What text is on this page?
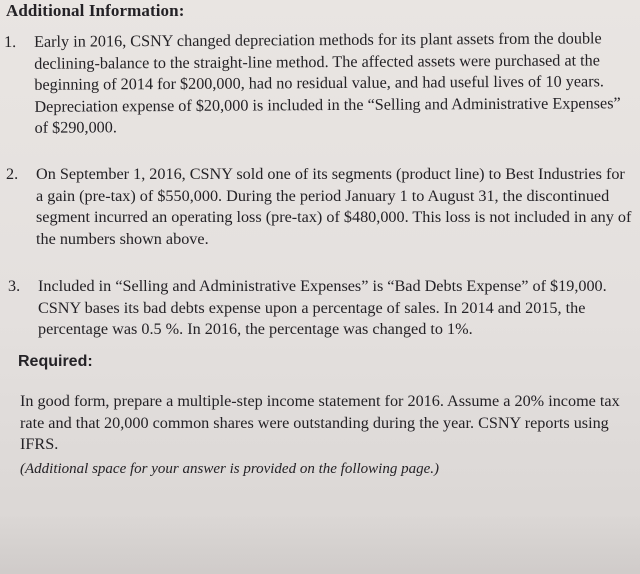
Additional Information:
1. Early in 2016, CSNY changed depreciation methods for its plant assets from the double declining-balance to the straight-line method. The affected assets were purchased at the beginning of 2014 for $200,000, had no residual value, and had useful lives of 10 years. Depreciation expense of $20,000 is included in the “Selling and Administrative Expenses” of $290,000.

2. On September 1, 2016, CSNY sold one of its segments (product line) to Best Industries for a gain (pre-tax) of $550,000. During the period January 1 to August 31, the discontinued segment incurred an operating loss (pre-tax) of $480,000. This loss is not included in any of the numbers shown above.

3. Included in “Selling and Administrative Expenses” is “Bad Debts Expense” of $19,000. CSNY bases its bad debts expense upon a percentage of sales. In 2014 and 2015, the percentage was 0.5 %. In 2016, the percentage was changed to 1%.

Required:

In good form, prepare a multiple-step income statement for 2016. Assume a 20% income tax rate and that 20,000 common shares were outstanding during the year. CSNY reports using IFRS.

(Additional space for your answer is provided on the following page.)
